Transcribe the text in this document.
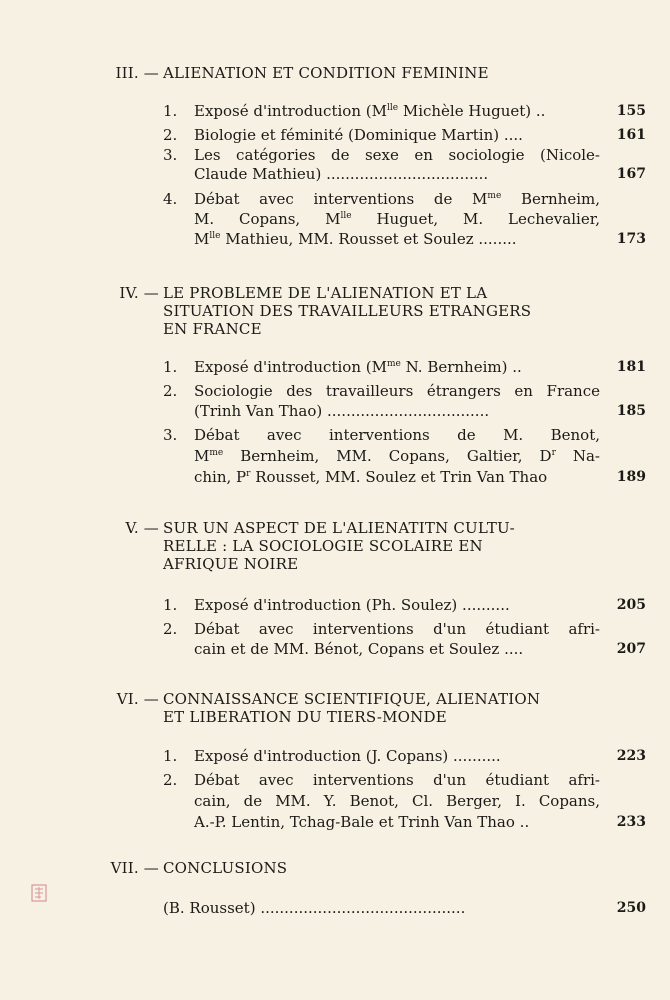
III. — ALIENATION ET CONDITION FEMININE
1. Exposé d'introduction ($M^{lle}$ Michèle Huguet) ..	155
2. Biologie et féminité (Dominique Martin) ....	161
3. Les catégories de sexe en sociologie (Nicole-
Claude Mathieu) ..................................	167
4. Débat avec interventions de $M^{me}$ Bernheim,
M. Copans, $M^{lle}$ Huguet, M. Lechevalier,
$M^{lle}$ Mathieu, MM. Rousset et Soulez ........	173
IV. — LE PROBLEME DE L'ALIENATION ET LA
SITUATION DES TRAVAILLEURS ETRANGERS
EN FRANCE
1. Exposé d'introduction ($M^{me}$ N. Bernheim) ..	181
2. Sociologie des travailleurs étrangers en France
(Trinh Van Thao) ..................................	185
3. Débat avec interventions de M. Benot,
$M^{me}$ Bernheim, MM. Copans, Galtier, $D^r$ Na-
chin, $P^r$ Rousset, MM. Soulez et Trin Van Thao	189
V. — SUR UN ASPECT DE L'ALIENATITN CULTU-
RELLE : LA SOCIOLOGIE SCOLAIRE EN
AFRIQUE NOIRE
1. Exposé d'introduction (Ph. Soulez) ..........	205
2. Débat avec interventions d'un étudiant afri-
cain et de MM. Bénot, Copans et Soulez ....	207
VI. — CONNAISSANCE SCIENTIFIQUE, ALIENATION
ET LIBERATION DU TIERS-MONDE
1. Exposé d'introduction (J. Copans) ..........	223
2. Débat avec interventions d'un étudiant afri-
cain, de MM. Y. Benot, Cl. Berger, I. Copans,
A.-P. Lentin, Tchag-Bale et Trinh Van Thao ..	233
VII. — CONCLUSIONS
(B. Rousset) ...........................................	250
